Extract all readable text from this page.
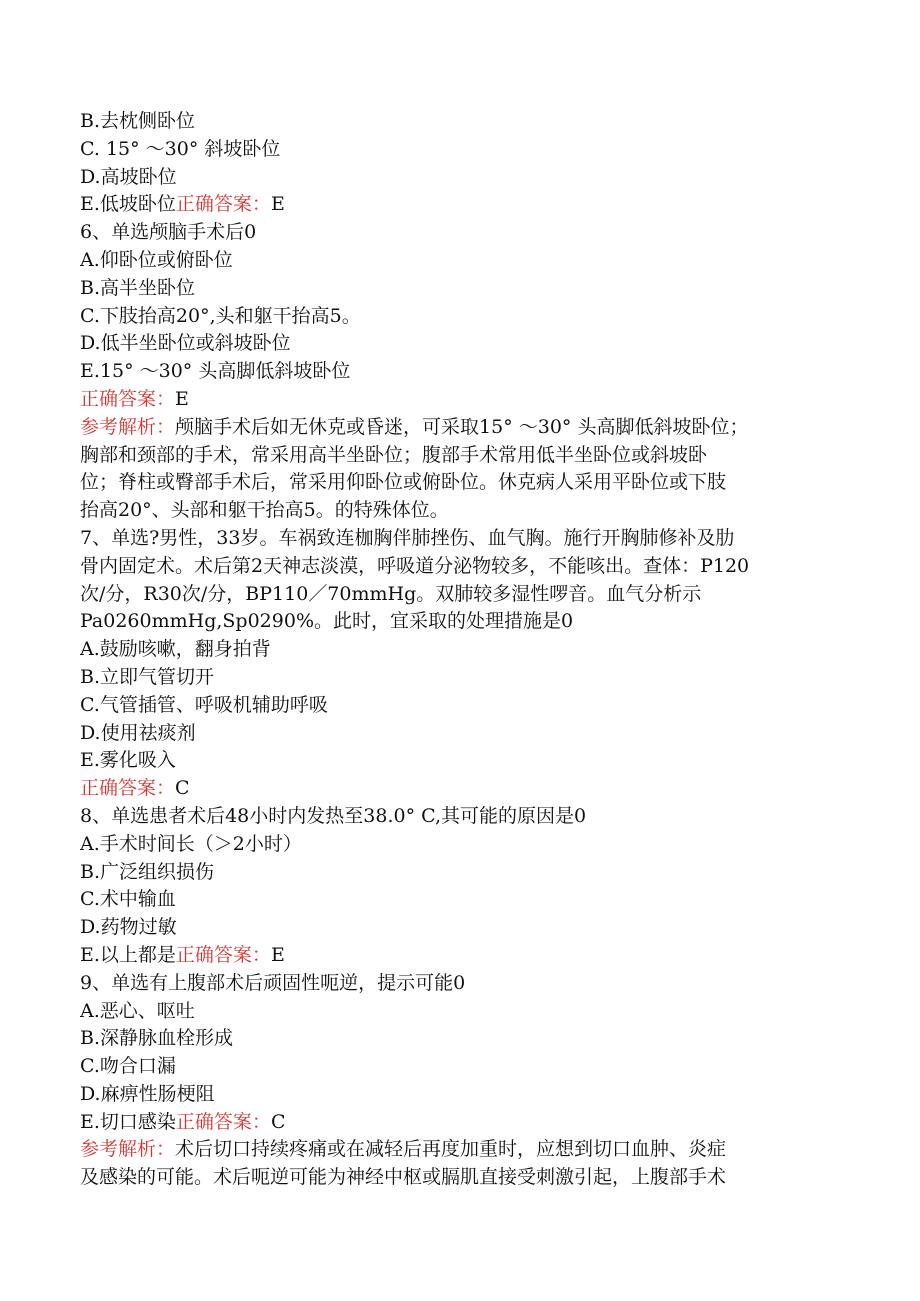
B.去枕侧卧位
C. 15° ～30° 斜坡卧位
D.高坡卧位
E.低坡卧位正确答案：E
6、单选颅脑手术后0
A.仰卧位或俯卧位
B.高半坐卧位
C.下肢抬高20°,头和躯干抬高5。
D.低半坐卧位或斜坡卧位
E.15° ～30° 头高脚低斜坡卧位
正确答案：E
参考解析：颅脑手术后如无休克或昏迷，可采取15° ～30° 头高脚低斜坡卧位；
胸部和颈部的手术，常采用高半坐卧位；腹部手术常用低半坐卧位或斜坡卧
位；脊柱或臀部手术后，常采用仰卧位或俯卧位。休克病人采用平卧位或下肢
抬高20°、头部和躯干抬高5。的特殊体位。
7、单选?男性，33岁。车祸致连枷胸伴肺挫伤、血气胸。施行开胸肺修补及肋
骨内固定术。术后第2天神志淡漠，呼吸道分泌物较多，不能咳出。查体：P120
次/分，R30次/分，BP110／70mmHg。双肺较多湿性啰音。血气分析示
Pa0260mmHg,Sp0290%。此时，宜采取的处理措施是0
A.鼓励咳嗽，翻身拍背
B.立即气管切开
C.气管插管、呼吸机辅助呼吸
D.使用祛痰剂
E.雾化吸入
正确答案：C
8、单选患者术后48小时内发热至38.0° C,其可能的原因是0
A.手术时间长（＞2小时）
B.广泛组织损伤
C.术中输血
D.药物过敏
E.以上都是正确答案：E
9、单选有上腹部术后顽固性呃逆，提示可能0
A.恶心、呕吐
B.深静脉血栓形成
C.吻合口漏
D.麻痹性肠梗阻
E.切口感染正确答案：C
参考解析：术后切口持续疼痛或在减轻后再度加重时，应想到切口血肿、炎症
及感染的可能。术后呃逆可能为神经中枢或膈肌直接受刺激引起，上腹部手术
